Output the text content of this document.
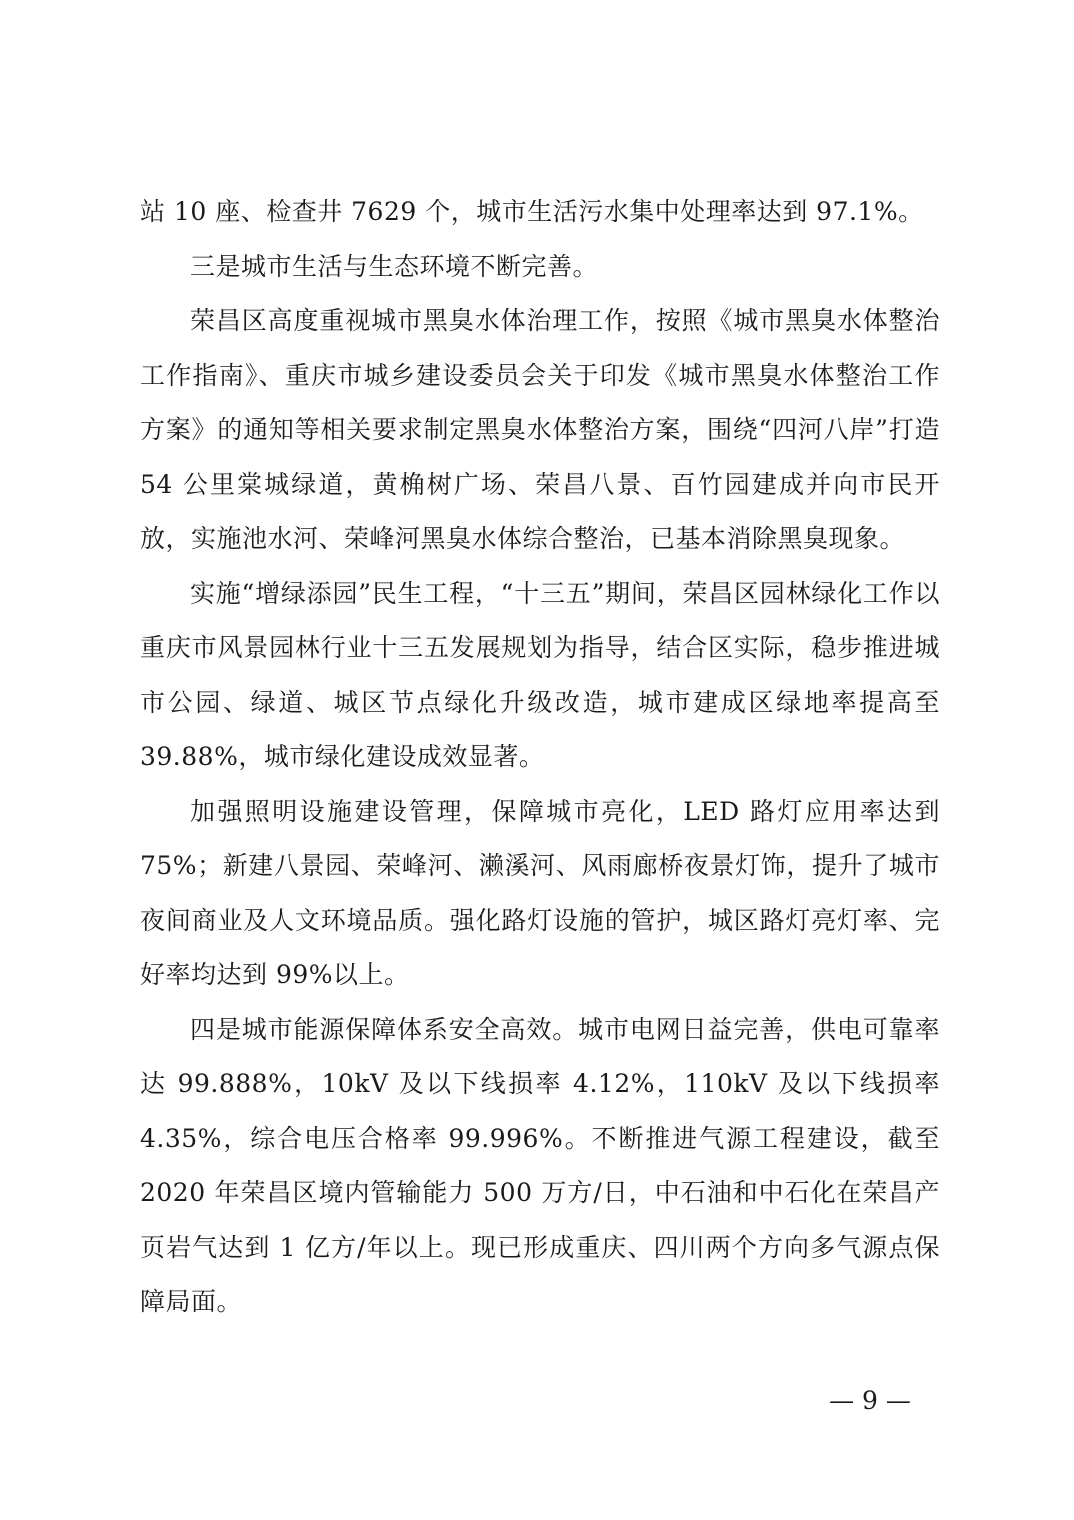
站 10 座、检查井 7629 个，城市生活污水集中处理率达到 97.1%。

三是城市生活与生态环境不断完善。

荣昌区高度重视城市黑臭水体治理工作，按照《城市黑臭水体整治工作指南》、重庆市城乡建设委员会关于印发《城市黑臭水体整治工作方案》的通知等相关要求制定黑臭水体整治方案，围绕“四河八岸”打造 54 公里棠城绿道，黄桷树广场、荣昌八景、百竹园建成并向市民开放，实施池水河、荣峰河黑臭水体综合整治，已基本消除黑臭现象。

实施“增绿添园”民生工程，“十三五”期间，荣昌区园林绿化工作以重庆市风景园林行业十三五发展规划为指导，结合区实际，稳步推进城市公园、绿道、城区节点绿化升级改造，城市建成区绿地率提高至 39.88%，城市绿化建设成效显著。

加强照明设施建设管理，保障城市亮化，LED 路灯应用率达到 75%；新建八景园、荣峰河、濑溪河、风雨廊桥夜景灯饰，提升了城市夜间商业及人文环境品质。强化路灯设施的管护，城区路灯亮灯率、完好率均达到 99%以上。

四是城市能源保障体系安全高效。城市电网日益完善，供电可靠率达 99.888%，10kV 及以下线损率 4.12%，110kV 及以下线损率 4.35%，综合电压合格率 99.996%。不断推进气源工程建设，截至 2020 年荣昌区境内管输能力 500 万方/日，中石油和中石化在荣昌产页岩气达到 1 亿方/年以上。现已形成重庆、四川两个方向多气源点保障局面。

— 9 —
